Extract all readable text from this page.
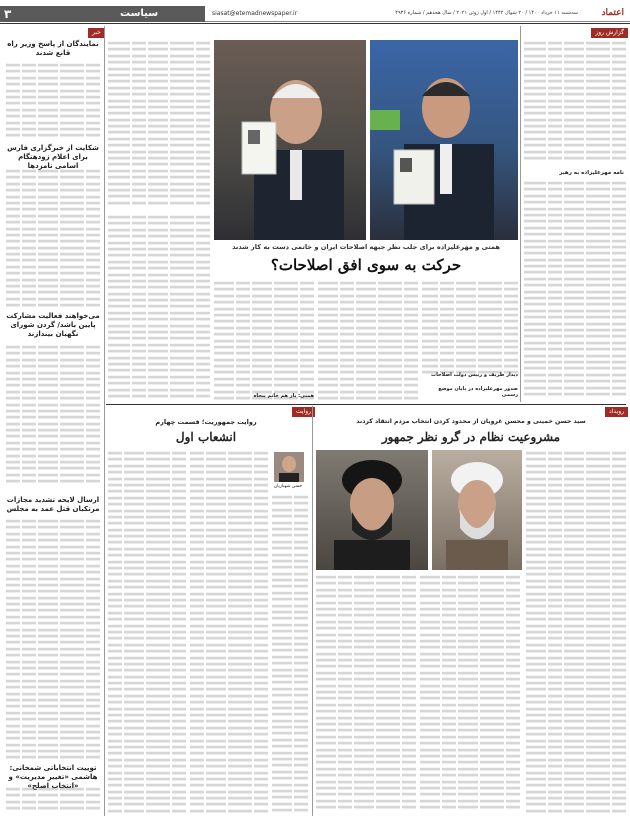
۳	سیاست	siasat@etemadnewspaper.ir	سه‌شنبه ۱۱ خرداد ۱۴۰۰ / ۲۰ شوال ۱۴۴۲ / اول ژوئن ۲۰۲۱ / سال هجدهم / شماره ۴۹۳۶	اعتماد
خبر
نمایندگان از پاسخ وزیر راه قانع شدند
شکایت از خبرگزاری فارس برای اعلام زودهنگام اسامی نامزدها
می‌خواهند فعالیت مشارکت پایین باشد/ گردن شورای نگهبان بیندازند
ارسال لایحه تشدید مجازات مرتکبان قتل عمد به مجلس
توییت انتخاباتی شمخانی: هاشمی «تغییر مدیریت» و «انتخاب اصلح»
گزارش روز
نامه مهرعلیزاده به رهبر
همتی و مهرعلیزاده برای جلب نظر جبهه اصلاحات ایران و خاتمی دست به کار شدند
حرکت به سوی افق اصلاحات؟
همتی: باز هم خانم پنجاه
دیدار ظریف و رییس دولت اصلاحات
صدور مهرعلیزاده در پایان موضع رسمی
روایت
روایت جمهوریت؛ قسمت چهارم
انشعاب اول
حسن شهبازیان
رویداد
سید حسن خمینی و محسن غرویان از محدود کردن انتخاب مردم انتقاد کردند
مشروعیت نظام در گرو نظر جمهور
